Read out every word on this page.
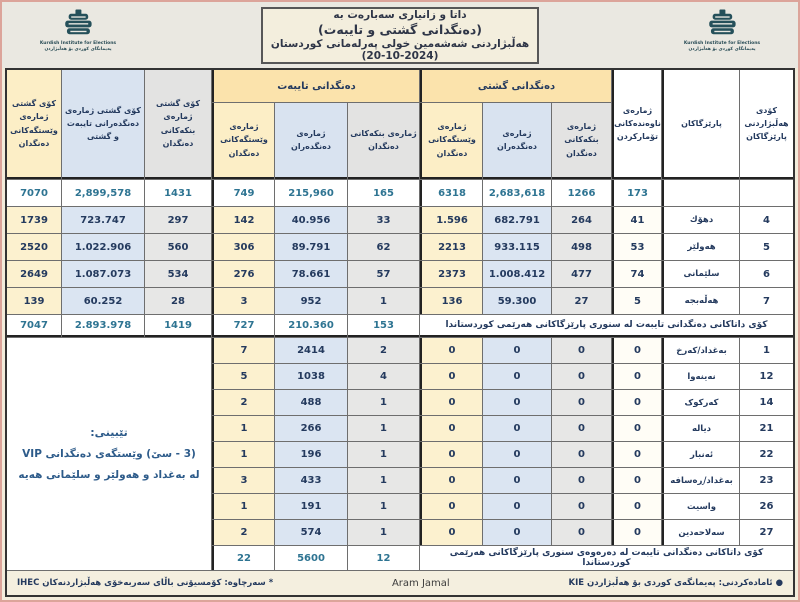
Kurdish Institute for Elections
پەیمانگای کوردی بۆ هەڵبژاردن
Kurdish Institute for Elections
پەیمانگای کوردی بۆ هەڵبژاردن
داتا و زانیاری سەبارەت بە
(دەنگدانی گشتی و تایبەت)
هەڵبژاردنی شەشەمین خولی پەرلەمانی کوردستان (2024-10-20)
کۆدی هەڵبژاردنی پارێزگاکان
پارێزگاکان
ژمارەی ناوەندەکانی تۆمارکردن
دەنگدانی گشتی
دەنگدانی تایبەت
ژمارەی بنکەکانی دەنگدان
ژمارەی دەنگدەران
ژمارەی وێستگەکانی دەنگدان
ژمارەی بنکەکانی دەنگدان
ژمارەی دەنگدەران
ژمارەی وێستگەکانی دەنگدان
کۆی گشتی ژمارەی بنکەکانی دەنگدان
کۆی گشتی ژمارەی دەنگدەرانی تایبەت و گشتی
کۆی گشتی ژمارەی وێستگەکانی دەنگدان
173
1266
2,683,618
6318
165
215,960
749
1431
2,899,578
7070
کۆی داتاکانی دەنگدانی تایبەت لە سنوری پارێزگاکانی هەرێمی کوردستاندا
153
210.360
727
1419
2.893.978
7047
تێبینی:
(3 - سێ) وێستگەی دەنگدانی VIP
لە بەغداد و هەولێر و سلێمانی هەیە
کۆی داتاکانی دەنگدانی تایبەت لە دەرەوەی سنوری پارێزگاکانی هەرێمی کوردستاندا
12
5600
22
● ئامادەکردنی: پەیمانگەی کوردی بۆ هەڵبژاردن KIE
Aram Jamal
* سەرچاوە: کۆمسیۆنی باڵای سەربەخۆی هەڵبژاردنەکان IHEC
4
دهۆك
41
264
682.791
1.596
33
40.956
142
297
723.747
1739
5
هەولێر
53
498
933.115
2213
62
89.791
306
560
1.022.906
2520
6
سلێمانی
74
477
1.008.412
2373
57
78.661
276
534
1.087.073
2649
7
هەڵەبجە
5
27
59.300
136
1
952
3
28
60.252
139
1
بەغداد/کەرخ
0
0
0
0
2
2414
7
12
نەینەوا
0
0
0
0
4
1038
5
14
کەرکوک
0
0
0
0
1
488
2
21
دیالە
0
0
0
0
1
266
1
22
ئەنبار
0
0
0
0
1
196
1
23
بەغداد/ڕەسافە
0
0
0
0
1
433
3
26
واسیت
0
0
0
0
1
191
1
27
سەلاحەدین
0
0
0
0
1
574
2
